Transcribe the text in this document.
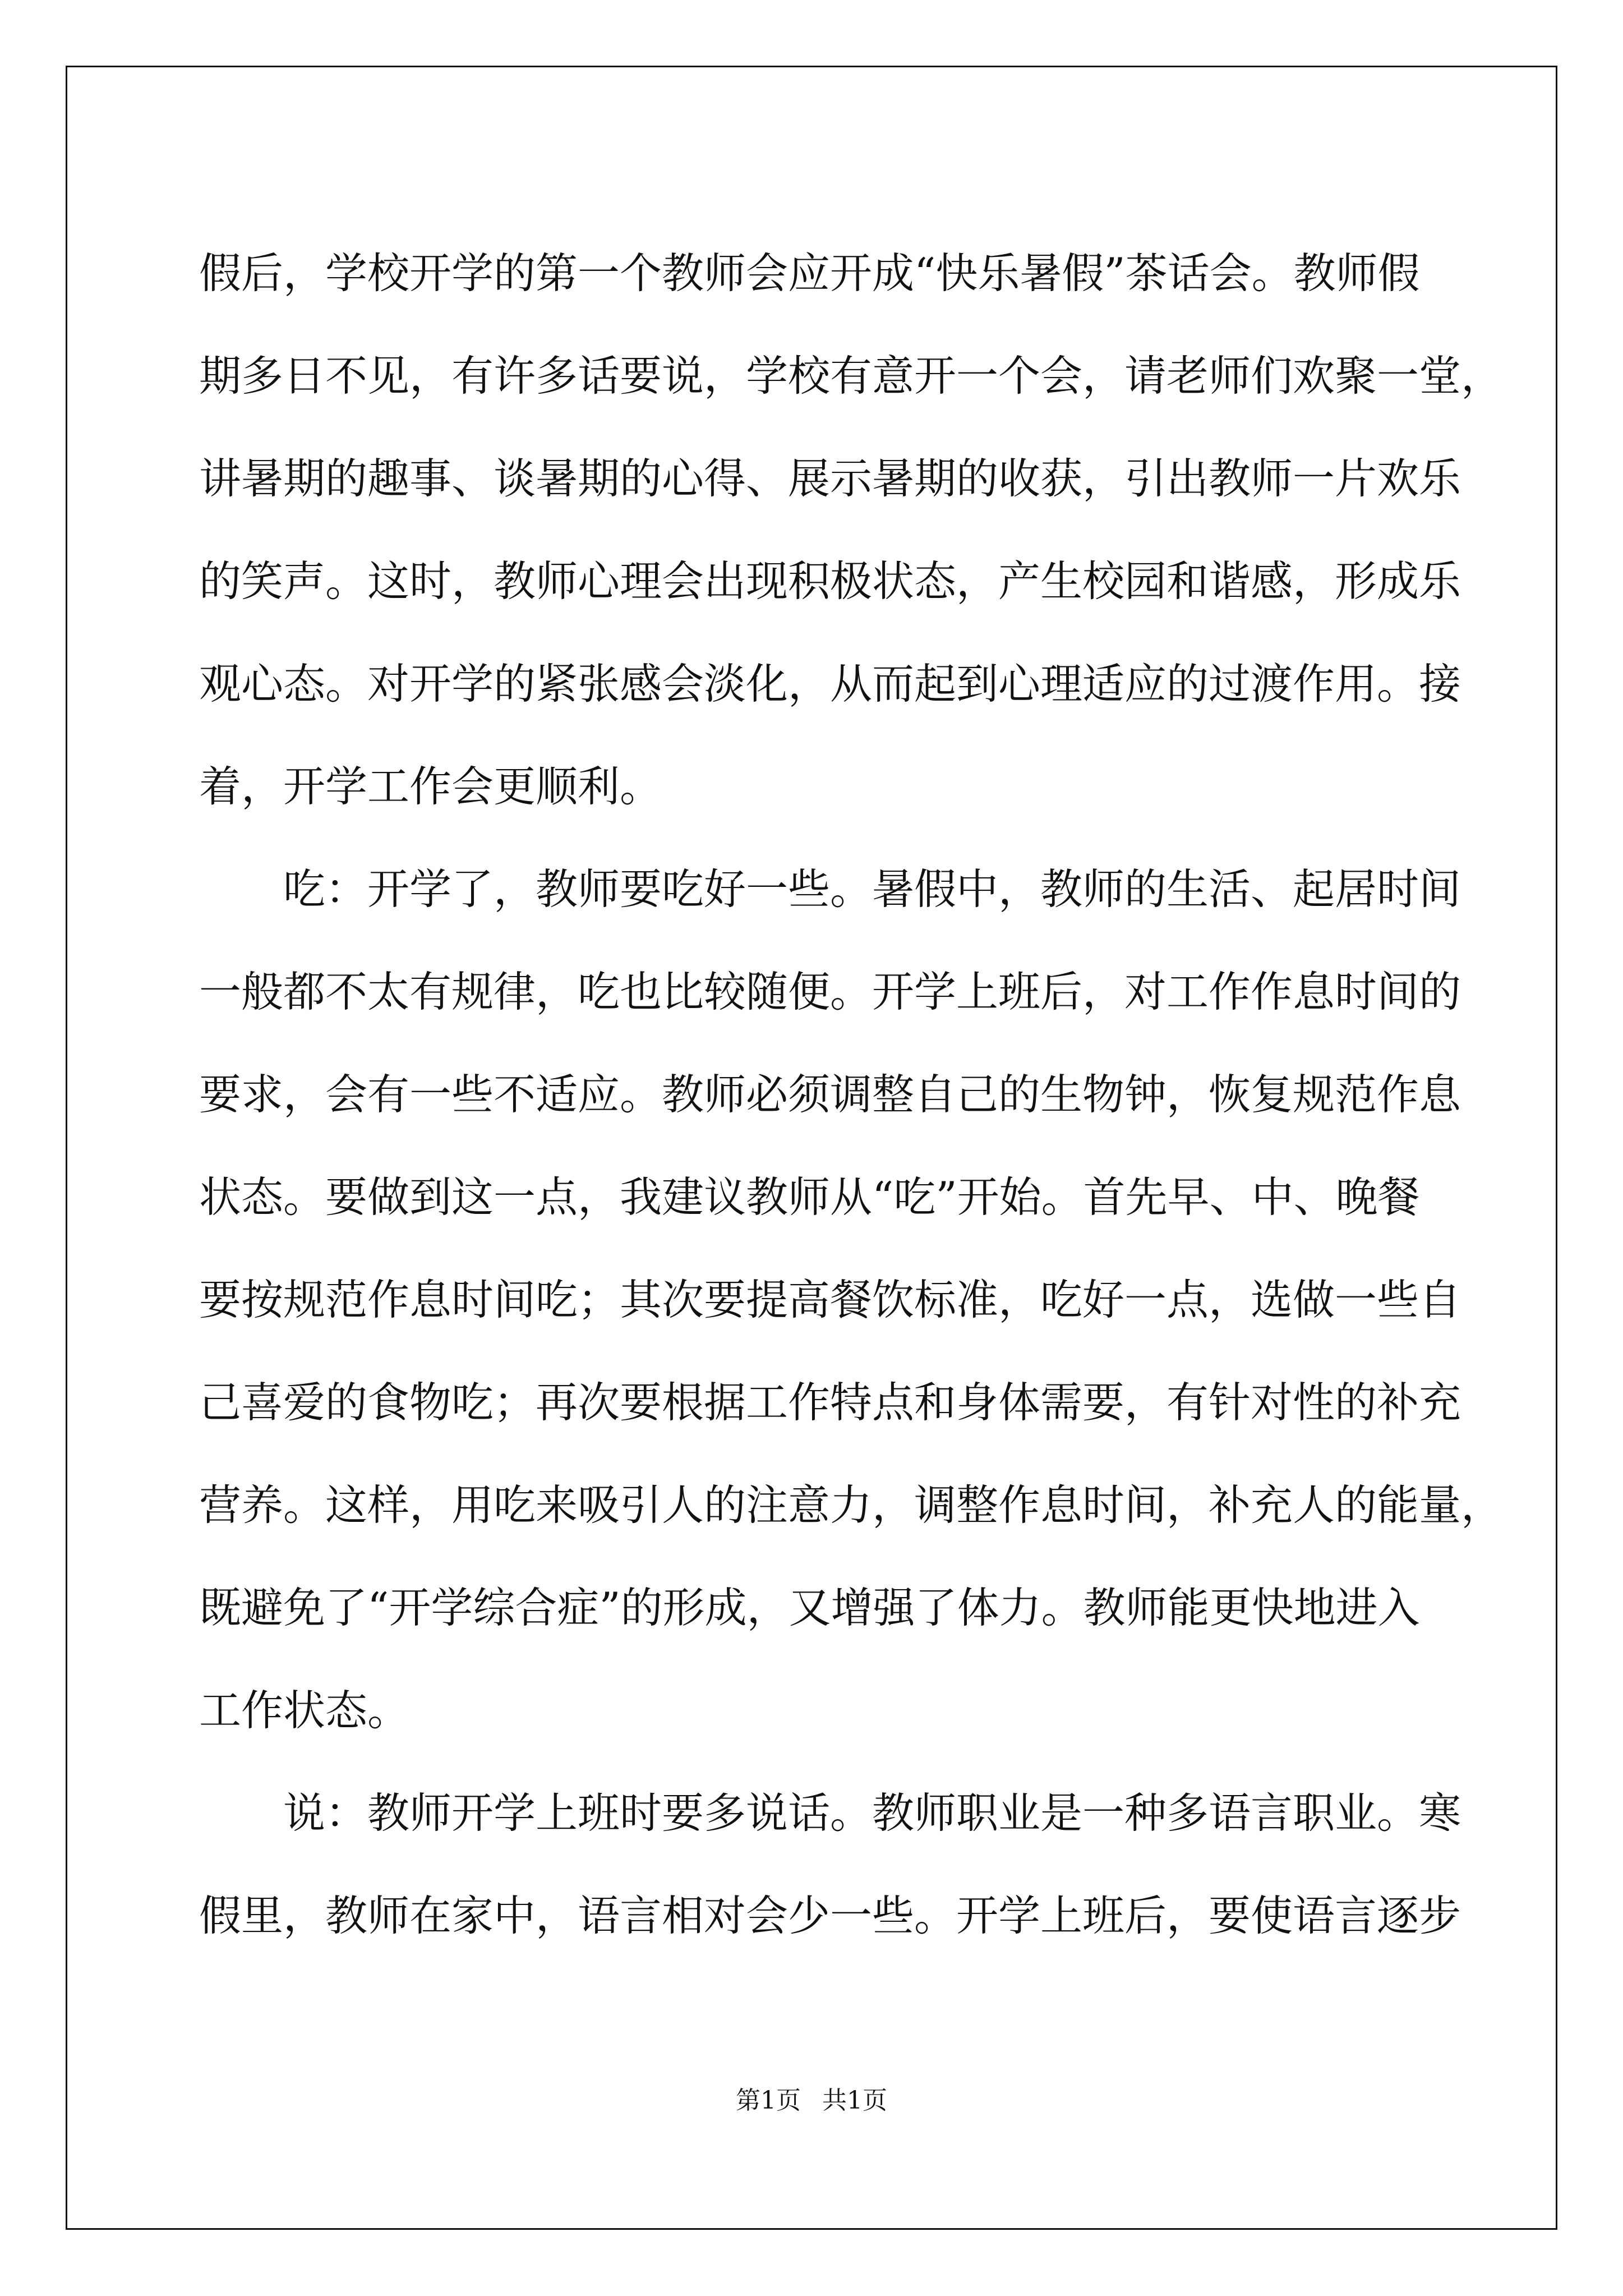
假后，学校开学的第一个教师会应开成“快乐暑假”茶话会。教师假
期多日不见，有许多话要说，学校有意开一个会，请老师们欢聚一堂，
讲暑期的趣事、谈暑期的心得、展示暑期的收获，引出教师一片欢乐
的笑声。这时，教师心理会出现积极状态，产生校园和谐感，形成乐
观心态。对开学的紧张感会淡化，从而起到心理适应的过渡作用。接
着，开学工作会更顺利。

吃：开学了，教师要吃好一些。暑假中，教师的生活、起居时间
一般都不太有规律，吃也比较随便。开学上班后，对工作作息时间的
要求，会有一些不适应。教师必须调整自己的生物钟，恢复规范作息
状态。要做到这一点，我建议教师从“吃”开始。首先早、中、晚餐
要按规范作息时间吃；其次要提高餐饮标准，吃好一点，选做一些自
己喜爱的食物吃；再次要根据工作特点和身体需要，有针对性的补充
营养。这样，用吃来吸引人的注意力，调整作息时间，补充人的能量，
既避免了“开学综合症”的形成，又增强了体力。教师能更快地进入
工作状态。

说：教师开学上班时要多说话。教师职业是一种多语言职业。寒
假里，教师在家中，语言相对会少一些。开学上班后，要使语言逐步

第1页 共1页
